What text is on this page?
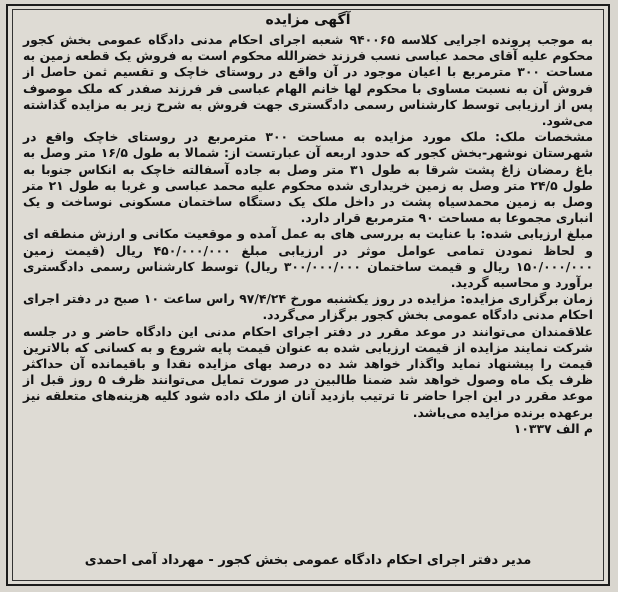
آگهی مزایده

به موجب پرونده اجرایی کلاسه ۹۴۰۰۶۵ شعبه اجرای احکام مدنی دادگاه عمومی بخش کجور محکوم علیه آقای محمد عباسی نسب فرزند خضرالله محکوم است به فروش یک قطعه زمین به مساحت ۳۰۰ مترمربع با اعیان موجود در آن واقع در روستای خاچک و تقسیم ثمن حاصل از فروش آن به نسبت مساوی با محکوم لها خانم الهام عباسی فر فرزند صفدر که ملک موصوف پس از ارزیابی توسط کارشناس رسمی دادگستری جهت فروش به شرح زیر به مزایده گذاشته می‌شود.

مشخصات ملک: ملک مورد مزایده به مساحت ۳۰۰ مترمربع در روستای خاچک واقع در شهرستان نوشهر-بخش کجور که حدود اربعه آن عبارتست از: شمالا به طول ۱۶/۵ متر وصل به باغ رمضان زاغ پشت شرقا به طول ۳۱ متر وصل به جاده آسفالته خاچک به انکاس جنوبا به طول ۲۴/۵ متر وصل به زمین خریداری شده محکوم علیه محمد عباسی و غربا به طول ۲۱ متر وصل به زمین محمدسیاه پشت در داخل ملک یک دستگاه ساختمان مسکونی نوساخت و یک انباری مجموعا به مساحت ۹۰ مترمربع قرار دارد.

مبلغ ارزیابی شده: با عنایت به بررسی های به عمل آمده و موقعیت مکانی و ارزش منطقه ای و لحاظ نمودن تمامی عوامل موثر در ارزیابی مبلغ ۴۵۰/۰۰۰/۰۰۰ ریال (قیمت زمین ۱۵۰/۰۰۰/۰۰۰ ریال و قیمت ساختمان ۳۰۰/۰۰۰/۰۰۰ ریال) توسط کارشناس رسمی دادگستری برآورد و محاسبه گردید.

زمان برگزاری مزایده: مزایده در روز یکشنبه مورخ ۹۷/۴/۲۴ راس ساعت ۱۰ صبح در دفتر اجرای احکام مدنی دادگاه عمومی بخش کجور برگزار می‌گردد.

علاقمندان می‌توانند در موعد مقرر در دفتر اجرای احکام مدنی این دادگاه حاضر و در جلسه شرکت نمایند مزایده از قیمت ارزیابی شده به عنوان قیمت پایه شروع و به کسانی که بالاترین قیمت را پیشنهاد نماید واگذار خواهد شد ده درصد بهای مزایده نقدا و باقیمانده آن حداکثر ظرف یک ماه وصول خواهد شد ضمنا طالبین در صورت تمایل می‌توانند ظرف ۵ روز قبل از موعد مقرر در این اجرا حاضر تا ترتیب بازدید آنان از ملک داده شود کلیه هزینه‌های متعلقه نیز برعهده برنده مزایده می‌باشد.

م الف ۱۰۳۳۷

مدیر دفتر اجرای احکام دادگاه عمومی بخش کجور - مهرداد آمی احمدی
